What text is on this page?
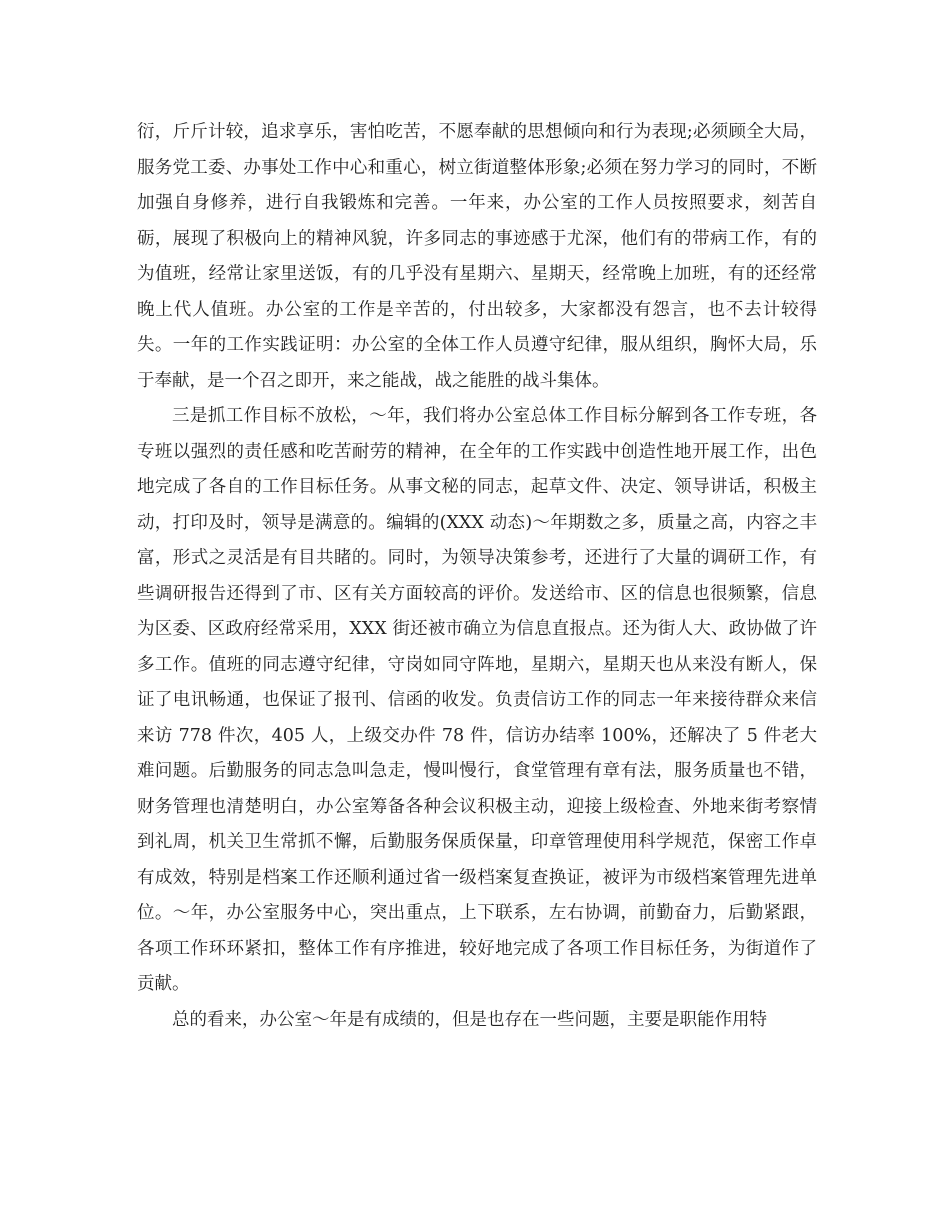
衍，斤斤计较，追求享乐，害怕吃苦，不愿奉献的思想倾向和行为表现;必须顾全大局，服务党工委、办事处工作中心和重心，树立街道整体形象;必须在努力学习的同时，不断加强自身修养，进行自我锻炼和完善。一年来，办公室的工作人员按照要求，刻苦自砺，展现了积极向上的精神风貌，许多同志的事迹感于尤深，他们有的带病工作，有的为值班，经常让家里送饭，有的几乎没有星期六、星期天，经常晚上加班，有的还经常晚上代人值班。办公室的工作是辛苦的，付出较多，大家都没有怨言，也不去计较得失。一年的工作实践证明：办公室的全体工作人员遵守纪律，服从组织，胸怀大局，乐于奉献，是一个召之即开，来之能战，战之能胜的战斗集体。

三是抓工作目标不放松，～年，我们将办公室总体工作目标分解到各工作专班，各专班以强烈的责任感和吃苦耐劳的精神，在全年的工作实践中创造性地开展工作，出色地完成了各自的工作目标任务。从事文秘的同志，起草文件、决定、领导讲话，积极主动，打印及时，领导是满意的。编辑的(XXX 动态)～年期数之多，质量之高，内容之丰富，形式之灵活是有目共睹的。同时，为领导决策参考，还进行了大量的调研工作，有些调研报告还得到了市、区有关方面较高的评价。发送给市、区的信息也很频繁，信息为区委、区政府经常采用，XXX 街还被市确立为信息直报点。还为街人大、政协做了许多工作。值班的同志遵守纪律，守岗如同守阵地，星期六，星期天也从来没有断人，保证了电讯畅通，也保证了报刊、信函的收发。负责信访工作的同志一年来接待群众来信来访 778 件次，405 人，上级交办件 78 件，信访办结率 100%，还解决了 5 件老大难问题。后勤服务的同志急叫急走，慢叫慢行，食堂管理有章有法，服务质量也不错，财务管理也清楚明白，办公室筹备各种会议积极主动，迎接上级检查、外地来街考察情到礼周，机关卫生常抓不懈，后勤服务保质保量，印章管理使用科学规范，保密工作卓有成效，特别是档案工作还顺利通过省一级档案复查换证，被评为市级档案管理先进单位。～年，办公室服务中心，突出重点，上下联系，左右协调，前勤奋力，后勤紧跟，各项工作环环紧扣，整体工作有序推进，较好地完成了各项工作目标任务，为街道作了贡献。

总的看来，办公室～年是有成绩的，但是也存在一些问题，主要是职能作用特
